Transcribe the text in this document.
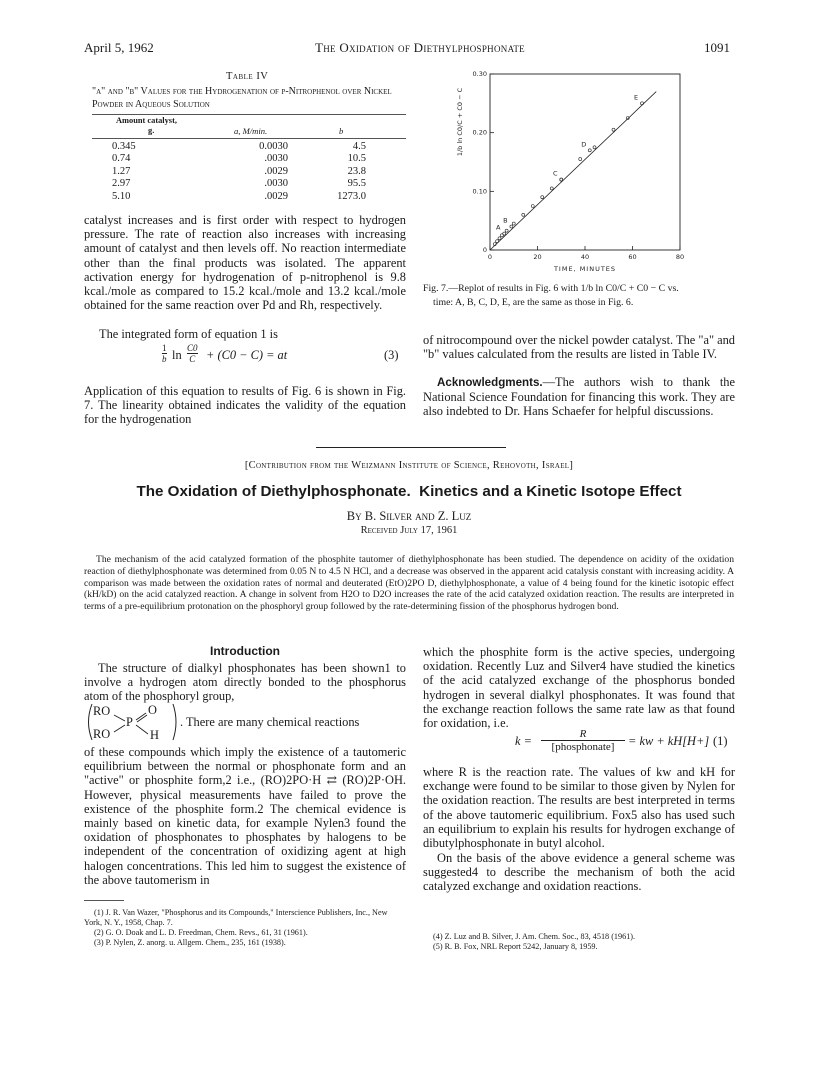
April 5, 1962	The Oxidation of Diethylphosphonate	1091
Table IV
"a" and "b" Values for the Hydrogenation of p-Nitrophenol over Nickel Powder in Aqueous Solution
Amount catalyst,
g.	a, M/min.	b
0.345	0.0030	4.5
0.74	.0030	10.5
1.27	.0029	23.8
2.97	.0030	95.5
5.10	.0029	1273.0

catalyst increases and is first order with respect to hydrogen pressure. The rate of reaction also increases with increasing amount of catalyst and then levels off. No reaction intermediate other than the final products was isolated. The apparent activation energy for hydrogenation of p-nitrophenol is 9.8 kcal./mole as compared to 15.2 kcal./mole and 13.2 kcal./mole obtained for the same reaction over Pd and Rh, respectively.

The integrated form of equation 1 is

1
b ln C0
C + (C0 − C) = at	(3)

Application of this equation to results of Fig. 6 is shown in Fig. 7. The linearity obtained indicates the validity of the equation for the hydrogenation

0	20	40	60	80
0
0.10
0.20
0.30
TIME, MINUTES
1/b ln C0/C + C0 − C
A
B
C
D
E
Fig. 7.—Replot of results in Fig. 6 with 1/b ln C0/C + C0 − C vs.
time: A, B, C, D, E, are the same as those in Fig. 6.

of nitrocompound over the nickel powder catalyst. The "a" and "b" values calculated from the results are listed in Table IV.

Acknowledgments.—The authors wish to thank the National Science Foundation for financing this work. They are also indebted to Dr. Hans Schaefer for helpful discussions.

[Contribution from the Weizmann Institute of Science, Rehovoth, Israel]
The Oxidation of Diethylphosphonate.  Kinetics and a Kinetic Isotope Effect
By B. Silver and Z. Luz
Received July 17, 1961

The mechanism of the acid catalyzed formation of the phosphite tautomer of diethylphosphonate has been studied. The dependence on acidity of the oxidation reaction of diethylphosphonate was determined from 0.05 N to 4.5 N HCl, and a decrease was observed in the apparent acid catalysis constant with increasing acidity. A comparison was made between the oxidation rates of normal and deuterated (EtO)2PO D, diethylphosphonate, a value of 4 being found for the kinetic isotopic effect (kH/kD) on the acid catalyzed reaction. A change in solvent from H2O to D2O increases the rate of the acid catalyzed oxidation reaction. The results are interpreted in terms of a pre-equilibrium protonation on the phosphoryl group followed by the rate-determining fission of the phosphorus hydrogen bond.

Introduction

The structure of dialkyl phosphonates has been shown1 to involve a hydrogen atom directly bonded to the phosphorus atom of the phosphoryl group,

RO	O
P
RO	H
. There are many chemical reactions

of these compounds which imply the existence of a tautomeric equilibrium between the normal or phosphonate form and an "active" or phosphite form,2 i.e., (RO)2PO·H ⇄ (RO)2P·OH. However, physical measurements have failed to prove the existence of the phosphite form.2 The chemical evidence is mainly based on kinetic data, for example Nylen3 found the oxidation of phosphonates to phosphates by halogens to be independent of the concentration of oxidizing agent at high halogen concentrations. This led him to suggest the existence of the above tautomerism in

(1) J. R. Van Wazer, "Phosphorus and its Compounds," Interscience Publishers, Inc., New York, N. Y., 1958, Chap. 7.
(2) G. O. Doak and L. D. Freedman, Chem. Revs., 61, 31 (1961).
(3) P. Nylen, Z. anorg. u. Allgem. Chem., 235, 161 (1938).

which the phosphite form is the active species, undergoing oxidation. Recently Luz and Silver4 have studied the kinetics of the acid catalyzed exchange of the phosphorus bonded hydrogen in several dialkyl phosphonates. It was found that the exchange reaction follows the same rate law as that found for oxidation, i.e.

k =	R
[phosphonate]	= kw + kH[H+] (1)

where R is the reaction rate. The values of kw and kH for exchange were found to be similar to those given by Nylen for the oxidation reaction. The results are best interpreted in terms of the above tautomeric equilibrium. Fox5 also has used such an equilibrium to explain his results for hydrogen exchange of dibutylphosphonate in butyl alcohol.

On the basis of the above evidence a general scheme was suggested4 to describe the mechanism of both the acid catalyzed exchange and oxidation reactions.

(4) Z. Luz and B. Silver, J. Am. Chem. Soc., 83, 4518 (1961).
(5) R. B. Fox, NRL Report 5242, January 8, 1959.
